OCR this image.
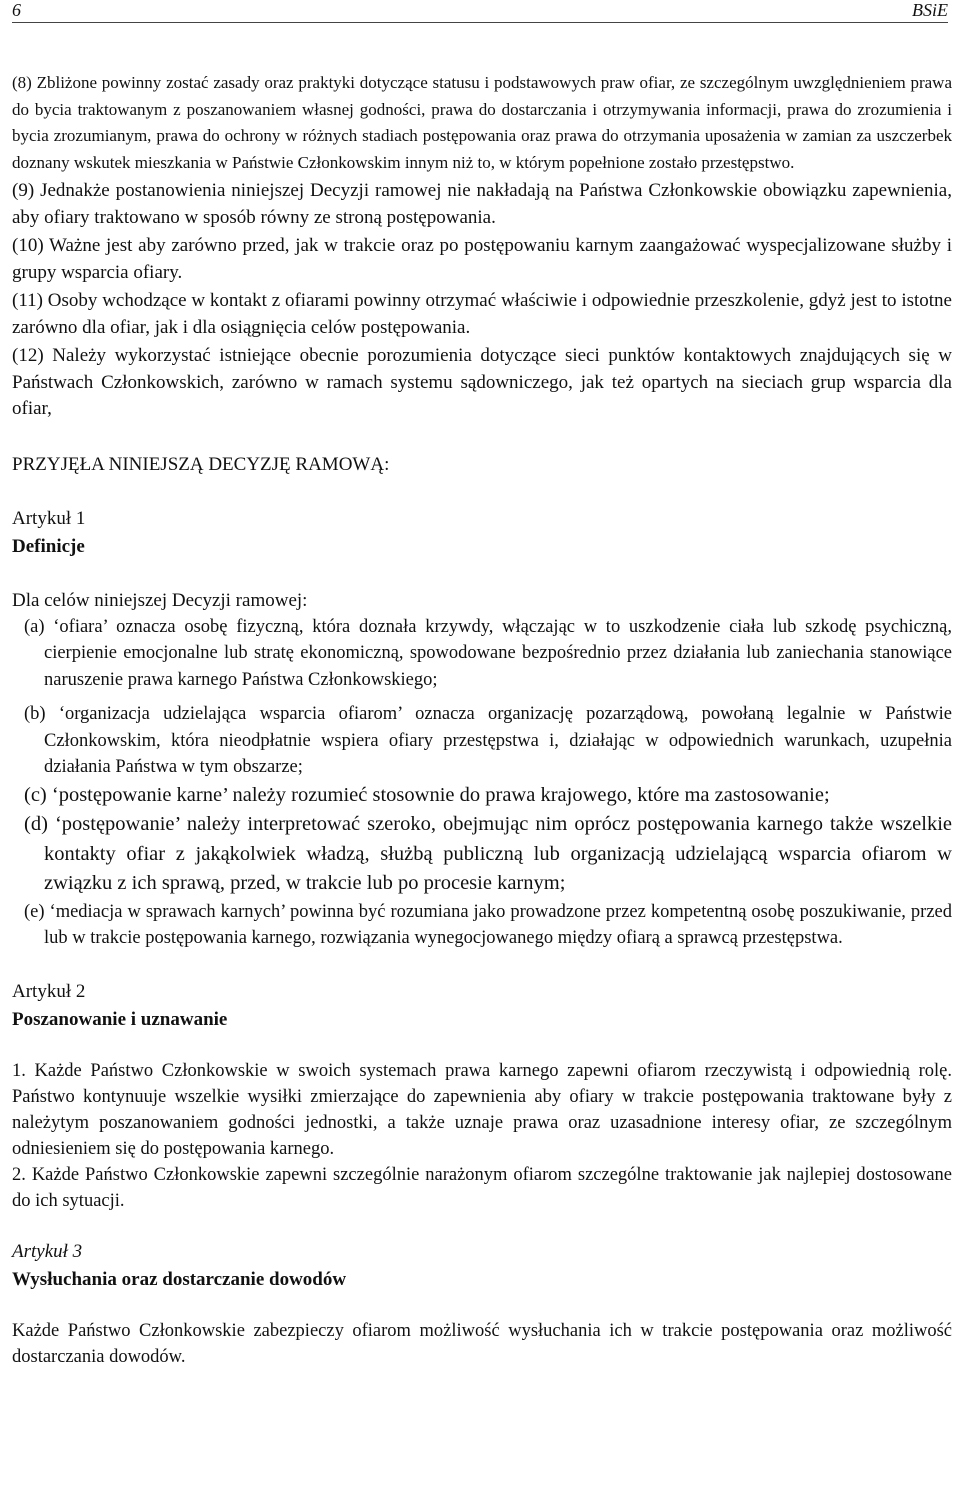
6	BSiE

(8) Zbliżone powinny zostać zasady oraz praktyki dotyczące statusu i podstawowych praw ofiar, ze szczególnym uwzględnieniem prawa do bycia traktowanym z poszanowaniem własnej godności, prawa do dostarczania i otrzymywania informacji, prawa do zrozumienia i bycia zrozumianym, prawa do ochrony w różnych stadiach postępowania oraz prawa do otrzymania uposażenia w zamian za uszczerbek doznany wskutek mieszkania w Państwie Członkowskim innym niż to, w którym popełnione zostało przestępstwo.

(9) Jednakże postanowienia niniejszej Decyzji ramowej nie nakładają na Państwa Członkowskie obowiązku zapewnienia, aby ofiary traktowano w sposób równy ze stroną postępowania.

(10) Ważne jest aby zarówno przed, jak w trakcie oraz po postępowaniu karnym zaangażować wyspecjalizowane służby i grupy wsparcia ofiary.

(11) Osoby wchodzące w kontakt z ofiarami powinny otrzymać właściwie i odpowiednie przeszkolenie, gdyż jest to istotne zarówno dla ofiar, jak i dla osiągnięcia celów postępowania.

(12) Należy wykorzystać istniejące obecnie porozumienia dotyczące sieci punktów kontaktowych znajdujących się w Państwach Członkowskich, zarówno w ramach systemu sądowniczego, jak też opartych na sieciach grup wsparcia dla ofiar,

PRZYJĘŁA NINIEJSZĄ DECYZJĘ RAMOWĄ:

Artykuł 1

Definicje

Dla celów niniejszej Decyzji ramowej:

(a) ‘ofiara’ oznacza osobę fizyczną, która doznała krzywdy, włączając w to uszkodzenie ciała lub szkodę psychiczną, cierpienie emocjonalne lub stratę ekonomiczną, spowodowane bezpośrednio przez działania lub zaniechania stanowiące naruszenie prawa karnego Państwa Członkowskiego;

(b) ‘organizacja udzielająca wsparcia ofiarom’ oznacza organizację pozarządową, powołaną legalnie w Państwie Członkowskim, która nieodpłatnie wspiera ofiary przestępstwa i, działając w odpowiednich warunkach, uzupełnia działania Państwa w tym obszarze;

(c) ‘postępowanie karne’ należy rozumieć stosownie do prawa krajowego, które ma zastosowanie;

(d) ‘postępowanie’ należy interpretować szeroko, obejmując nim oprócz postępowania karnego także wszelkie kontakty ofiar z jakąkolwiek władzą, służbą publiczną lub organizacją udzielającą wsparcia ofiarom w związku z ich sprawą, przed, w trakcie lub po procesie karnym;

(e) ‘mediacja w sprawach karnych’ powinna być rozumiana jako prowadzone przez kompetentną osobę poszukiwanie, przed lub w trakcie postępowania karnego, rozwiązania wynegocjowanego między ofiarą a sprawcą przestępstwa.

Artykuł 2

Poszanowanie i uznawanie

1. Każde Państwo Członkowskie w swoich systemach prawa karnego zapewni ofiarom rzeczywistą i odpowiednią rolę. Państwo kontynuuje wszelkie wysiłki zmierzające do zapewnienia aby ofiary w trakcie postępowania traktowane były z należytym poszanowaniem godności jednostki, a także uznaje prawa oraz uzasadnione interesy ofiar, ze szczególnym odniesieniem się do postępowania karnego.

2. Każde Państwo Członkowskie zapewni szczególnie narażonym ofiarom szczególne traktowanie jak najlepiej dostosowane do ich sytuacji.

Artykuł 3

Wysłuchania oraz dostarczanie dowodów

Każde Państwo Członkowskie zabezpieczy ofiarom możliwość wysłuchania ich w trakcie postępowania oraz możliwość dostarczania dowodów.
